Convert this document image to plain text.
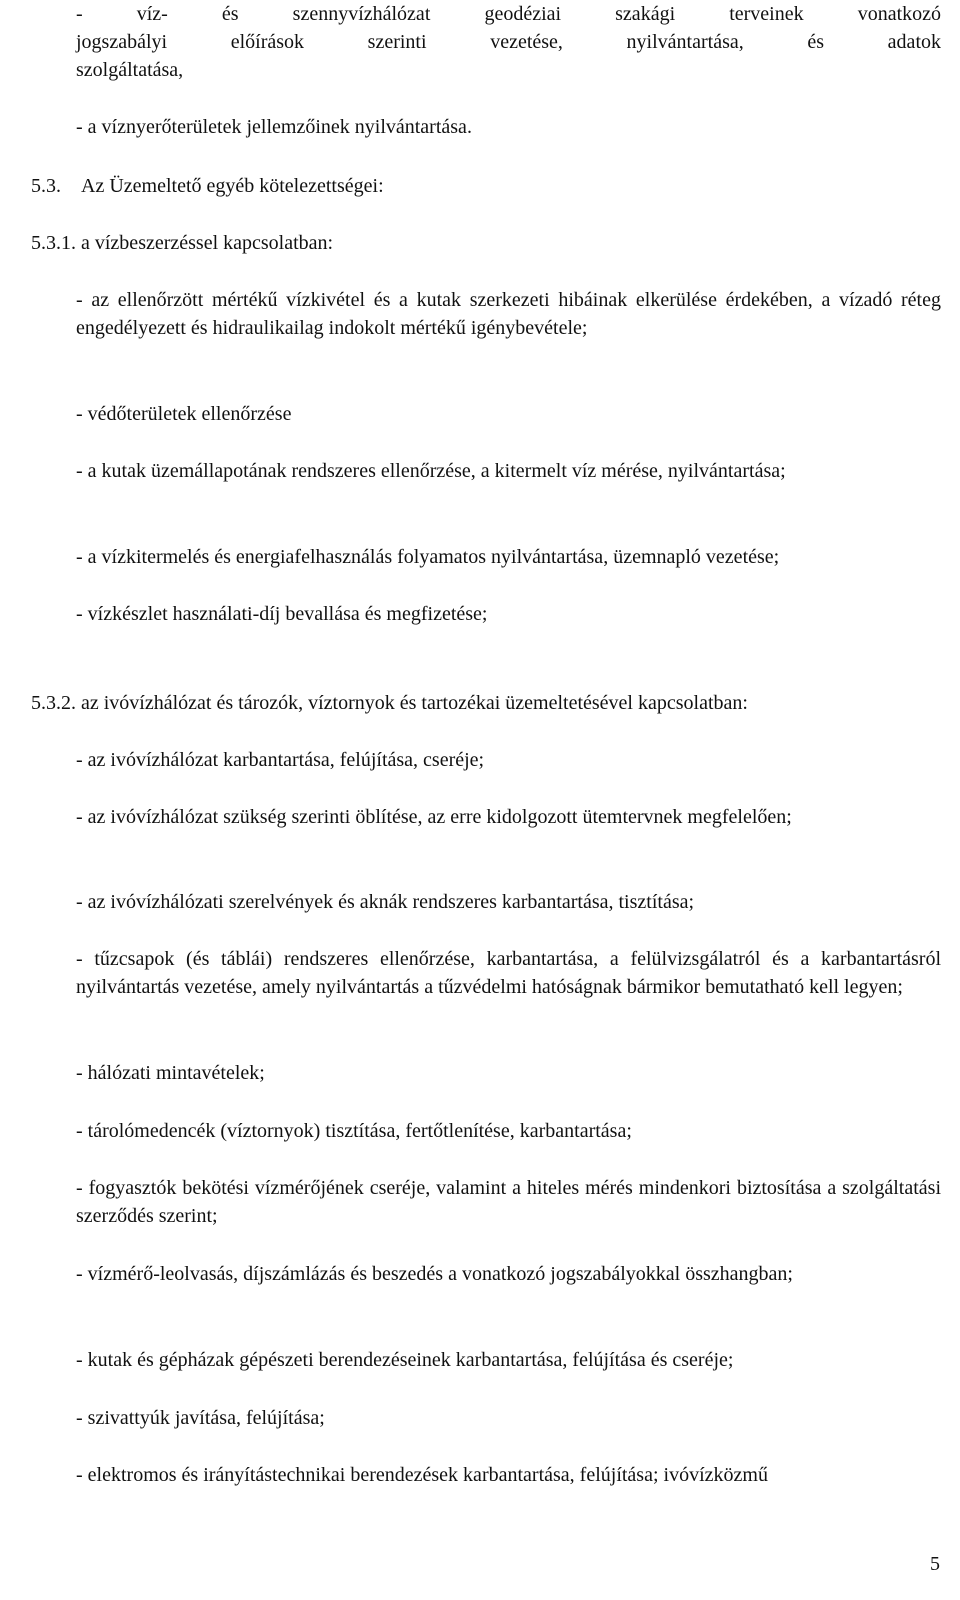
- víz- és szennyvízhálózat geodéziai szakági terveinek vonatkozó
jogszabályi előírások szerinti vezetése, nyilvántartása, és adatok
szolgáltatása,
- a víznyerőterületek jellemzőinek nyilvántartása.
5.3. Az Üzemeltető egyéb kötelezettségei:
5.3.1. a vízbeszerzéssel kapcsolatban:
- az ellenőrzött mértékű vízkivétel és a kutak szerkezeti hibáinak elkerülése érdekében, a vízadó réteg engedélyezett és hidraulikailag indokolt mértékű igénybevétele;
- védőterületek ellenőrzése
- a kutak üzemállapotának rendszeres ellenőrzése, a kitermelt víz mérése, nyilvántartása;
- a vízkitermelés és energiafelhasználás folyamatos nyilvántartása, üzemnapló vezetése;
- vízkészlet használati-díj bevallása és megfizetése;
5.3.2. az ivóvízhálózat és tározók, víztornyok és tartozékai üzemeltetésével kapcsolatban:
- az ivóvízhálózat karbantartása, felújítása, cseréje;
- az ivóvízhálózat szükség szerinti öblítése, az erre kidolgozott ütemtervnek megfelelően;
- az ivóvízhálózati szerelvények és aknák rendszeres karbantartása, tisztítása;
- tűzcsapok (és táblái) rendszeres ellenőrzése, karbantartása, a felülvizsgálatról és a karbantartásról nyilvántartás vezetése, amely nyilvántartás a tűzvédelmi hatóságnak bármikor bemutatható kell legyen;
- hálózati mintavételek;
- tárolómedencék (víztornyok) tisztítása, fertőtlenítése, karbantartása;
- fogyasztók bekötési vízmérőjének cseréje, valamint a hiteles mérés mindenkori biztosítása a szolgáltatási szerződés szerint;
- vízmérő-leolvasás, díjszámlázás és beszedés a vonatkozó jogszabályokkal összhangban;
- kutak és gépházak gépészeti berendezéseinek karbantartása, felújítása és cseréje;
- szivattyúk javítása, felújítása;
- elektromos és irányítástechnikai berendezések karbantartása, felújítása; ivóvízközmű
5
